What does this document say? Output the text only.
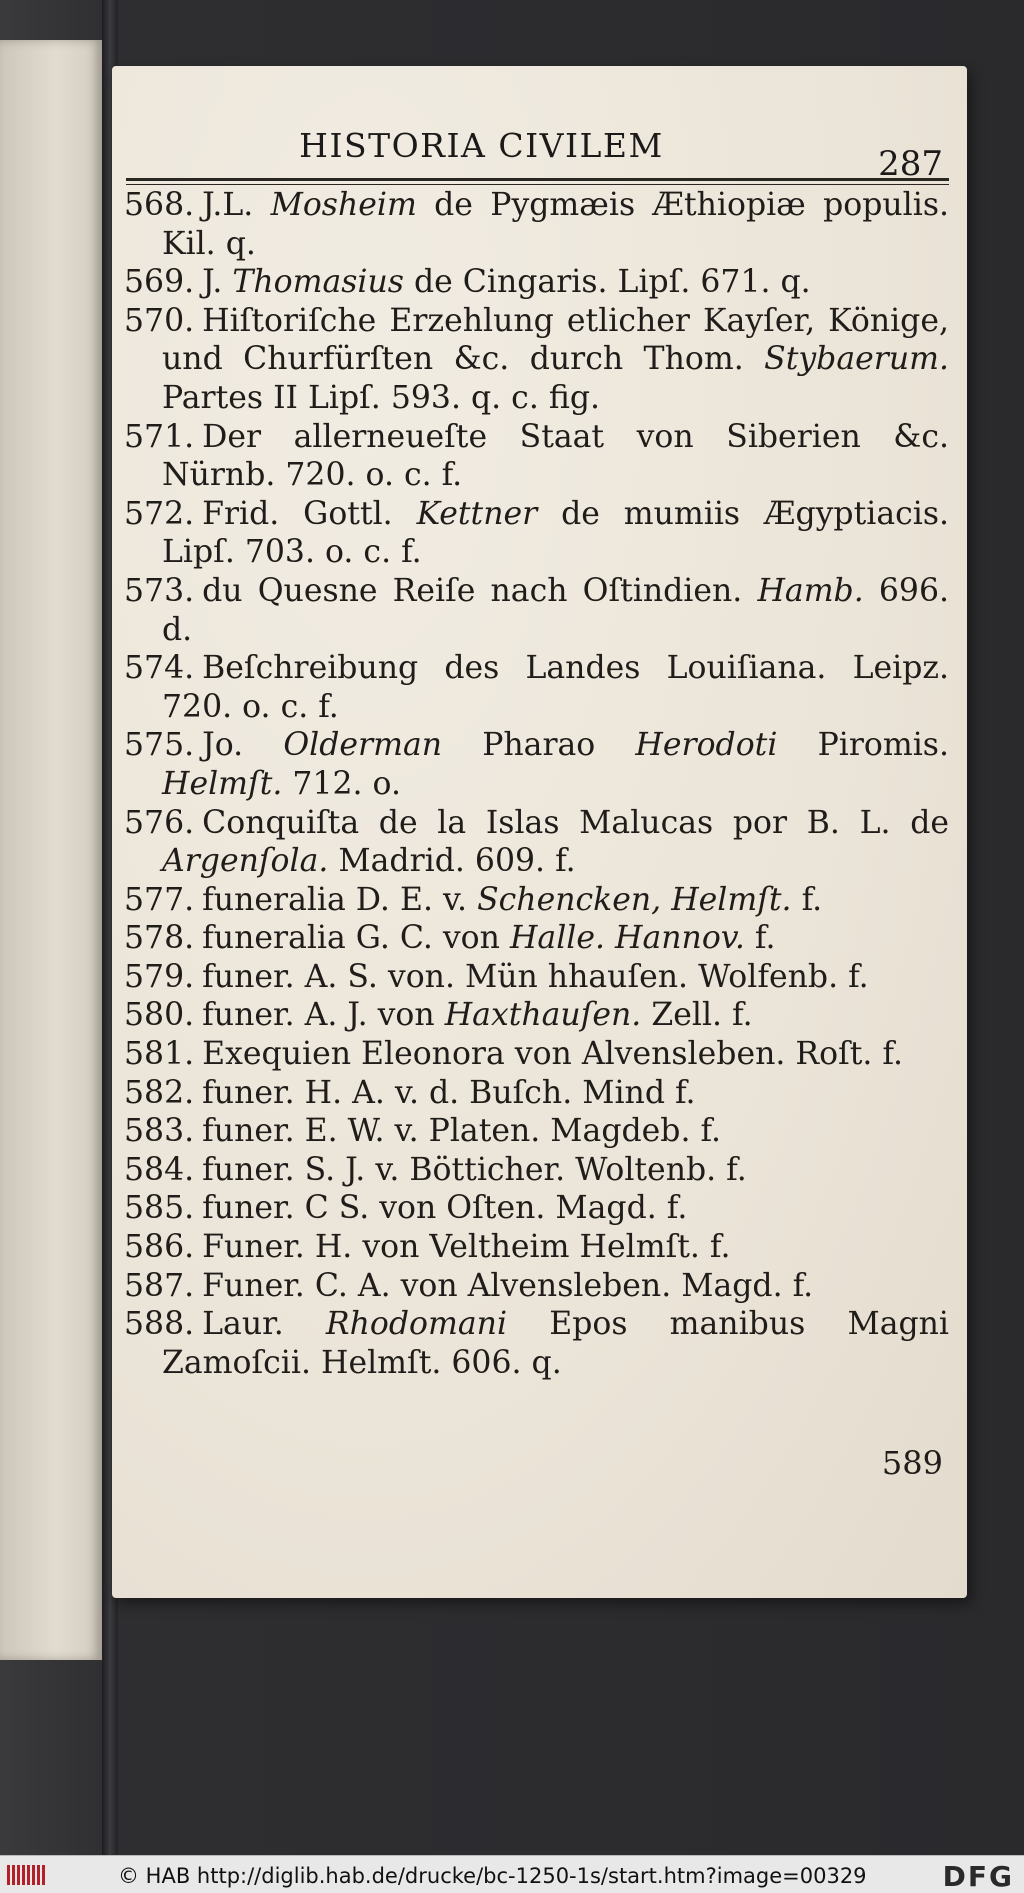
HISTORIA CIVILEM	287
568. J.L. Mosheim de Pygmæis Æthiopiæ populis. Kil. q.
569. J. Thomasius de Cingaris. Lipſ. 671. q.
570. Hiſtoriſche Erzehlung etlicher Kayſer, Könige, und Churfürſten &c. durch Thom. Stybaerum. Partes II Lipſ. 593. q. c. fig.
571. Der allerneueſte Staat von Siberien &c. Nürnb. 720. o. c. f.
572. Frid. Gottl. Kettner de mumiis Ægyptiacis. Lipſ. 703. o. c. f.
573. du Quesne Reiſe nach Oſtindien. Hamb. 696. d.
574. Beſchreibung des Landes Louiſiana. Leipz. 720. o. c. f.
575. Jo. Olderman Pharao Herodoti Piromis. Helmſt. 712. o.
576. Conquiſta de la Islas Malucas por B. L. de Argenſola. Madrid. 609. f.
577. funeralia D. E. v. Schencken, Helmſt. f.
578. funeralia G. C. von Halle. Hannov. f.
579. funer. A. S. von. Mün hhauſen. Wolfenb. f.
580. funer. A. J. von Haxthauſen. Zell. f.
581. Exequien Eleonora von Alvensleben. Roſt. f.
582. funer. H. A. v. d. Buſch. Mind f.
583. funer. E. W. v. Platen. Magdeb. f.
584. funer. S. J. v. Bötticher. Woltenb. f.
585. funer. C S. von Oſten. Magd. f.
586. Funer. H. von Veltheim Helmſt. f.
587. Funer. C. A. von Alvensleben. Magd. f.
588. Laur. Rhodomani Epos manibus Magni Zamoſcii. Helmſt. 606. q.
589
© HAB http://diglib.hab.de/drucke/bc-1250-1s/start.htm?image=00329	DFG
